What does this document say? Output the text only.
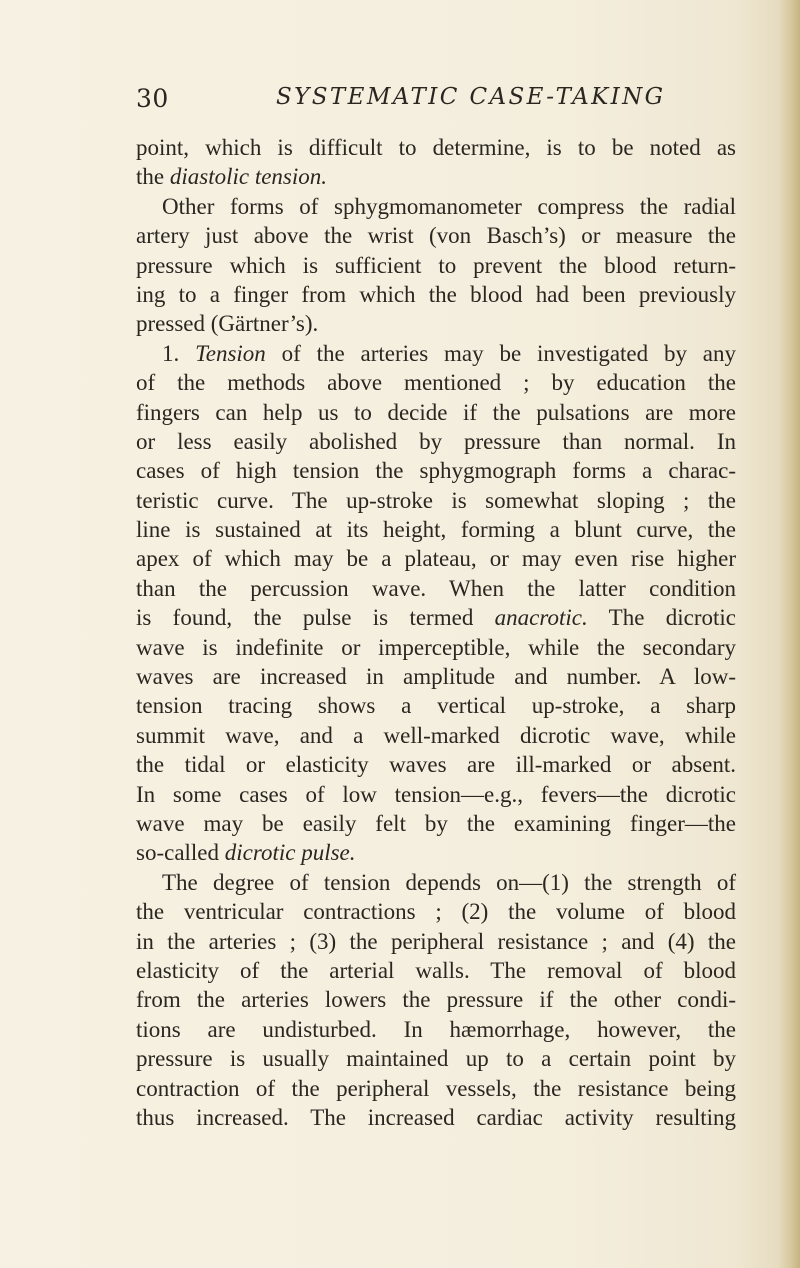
30	SYSTEMATIC CASE-TAKING
point, which is difficult to determine, is to be noted as
the diastolic tension.
Other forms of sphygmomanometer compress the radial
artery just above the wrist (von Basch’s) or measure the
pressure which is sufficient to prevent the blood return-
ing to a finger from which the blood had been previously
pressed (Gärtner’s).
1. Tension of the arteries may be investigated by any
of the methods above mentioned ; by education the
fingers can help us to decide if the pulsations are more
or less easily abolished by pressure than normal. In
cases of high tension the sphygmograph forms a charac-
teristic curve. The up-stroke is somewhat sloping ; the
line is sustained at its height, forming a blunt curve, the
apex of which may be a plateau, or may even rise higher
than the percussion wave. When the latter condition
is found, the pulse is termed anacrotic. The dicrotic
wave is indefinite or imperceptible, while the secondary
waves are increased in amplitude and number. A low-
tension tracing shows a vertical up-stroke, a sharp
summit wave, and a well-marked dicrotic wave, while
the tidal or elasticity waves are ill-marked or absent.
In some cases of low tension—e.g., fevers—the dicrotic
wave may be easily felt by the examining finger—the
so-called dicrotic pulse.
The degree of tension depends on—(1) the strength of
the ventricular contractions ; (2) the volume of blood
in the arteries ; (3) the peripheral resistance ; and (4) the
elasticity of the arterial walls. The removal of blood
from the arteries lowers the pressure if the other condi-
tions are undisturbed. In hæmorrhage, however, the
pressure is usually maintained up to a certain point by
contraction of the peripheral vessels, the resistance being
thus increased. The increased cardiac activity resulting
